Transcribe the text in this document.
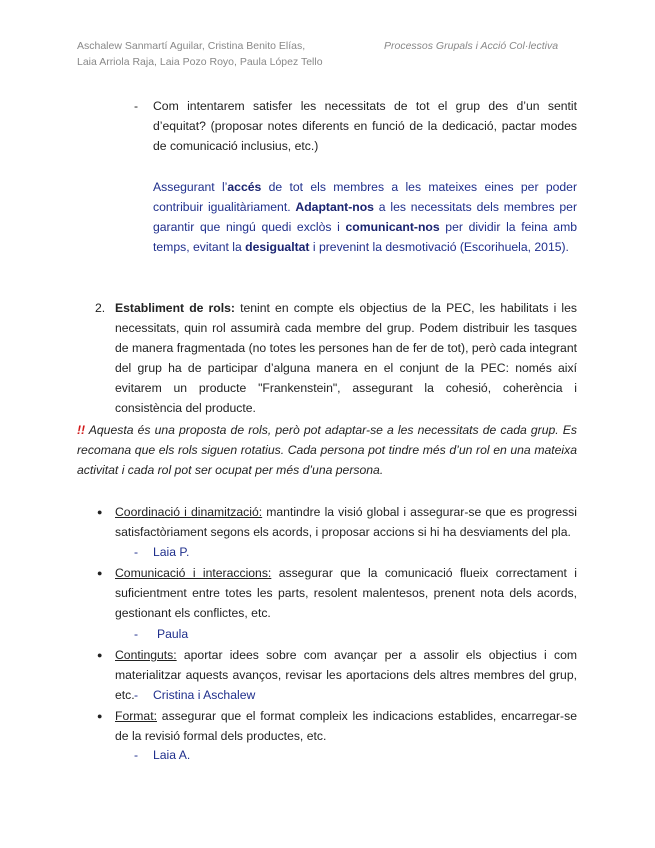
Aschalew Sanmartí Aguilar, Cristina Benito Elías,
Laia Arriola Raja, Laia Pozo Royo, Paula López Tello
Processos Grupals i Acció Col·lectiva
- Com intentarem satisfer les necessitats de tot el grup des d’un sentit d’equitat? (proposar notes diferents en funció de la dedicació, pactar modes de comunicació inclusius, etc.)

Assegurant l’accés de tot els membres a les mateixes eines per poder contribuir igualitàriament. Adaptant-nos a les necessitats dels membres per garantir que ningú quedi exclòs i comunicant-nos per dividir la feina amb temps, evitant la desigualtat i prevenint la desmotivació (Escorihuela, 2015).

2. Establiment de rols: tenint en compte els objectius de la PEC, les habilitats i les necessitats, quin rol assumirà cada membre del grup. Podem distribuir les tasques de manera fragmentada (no totes les persones han de fer de tot), però cada integrant del grup ha de participar d’alguna manera en el conjunt de la PEC: només així evitarem un producte "Frankenstein", assegurant la cohesió, coherència i consistència del producte.

!! Aquesta és una proposta de rols, però pot adaptar-se a les necessitats de cada grup. Es recomana que els rols siguen rotatius. Cada persona pot tindre més d’un rol en una mateixa activitat i cada rol pot ser ocupat per més d’una persona.

● Coordinació i dinamització: mantindre la visió global i assegurar-se que es progressi satisfactòriament segons els acords, i proposar accions si hi ha desviaments del pla.

- Laia P.
● Comunicació i interaccions: assegurar que la comunicació flueix correctament i suficientment entre totes les parts, resolent malentesos, prenent nota dels acords, gestionant els conflictes, etc.

- Paula
● Continguts: aportar idees sobre com avançar per a assolir els objectius i com materialitzar aquests avanços, revisar les aportacions dels altres membres del grup, etc. - Cristina i Aschalew
● Format: assegurar que el format compleix les indicacions establides, encarregar-se de la revisió formal dels productes, etc.

- Laia A.
